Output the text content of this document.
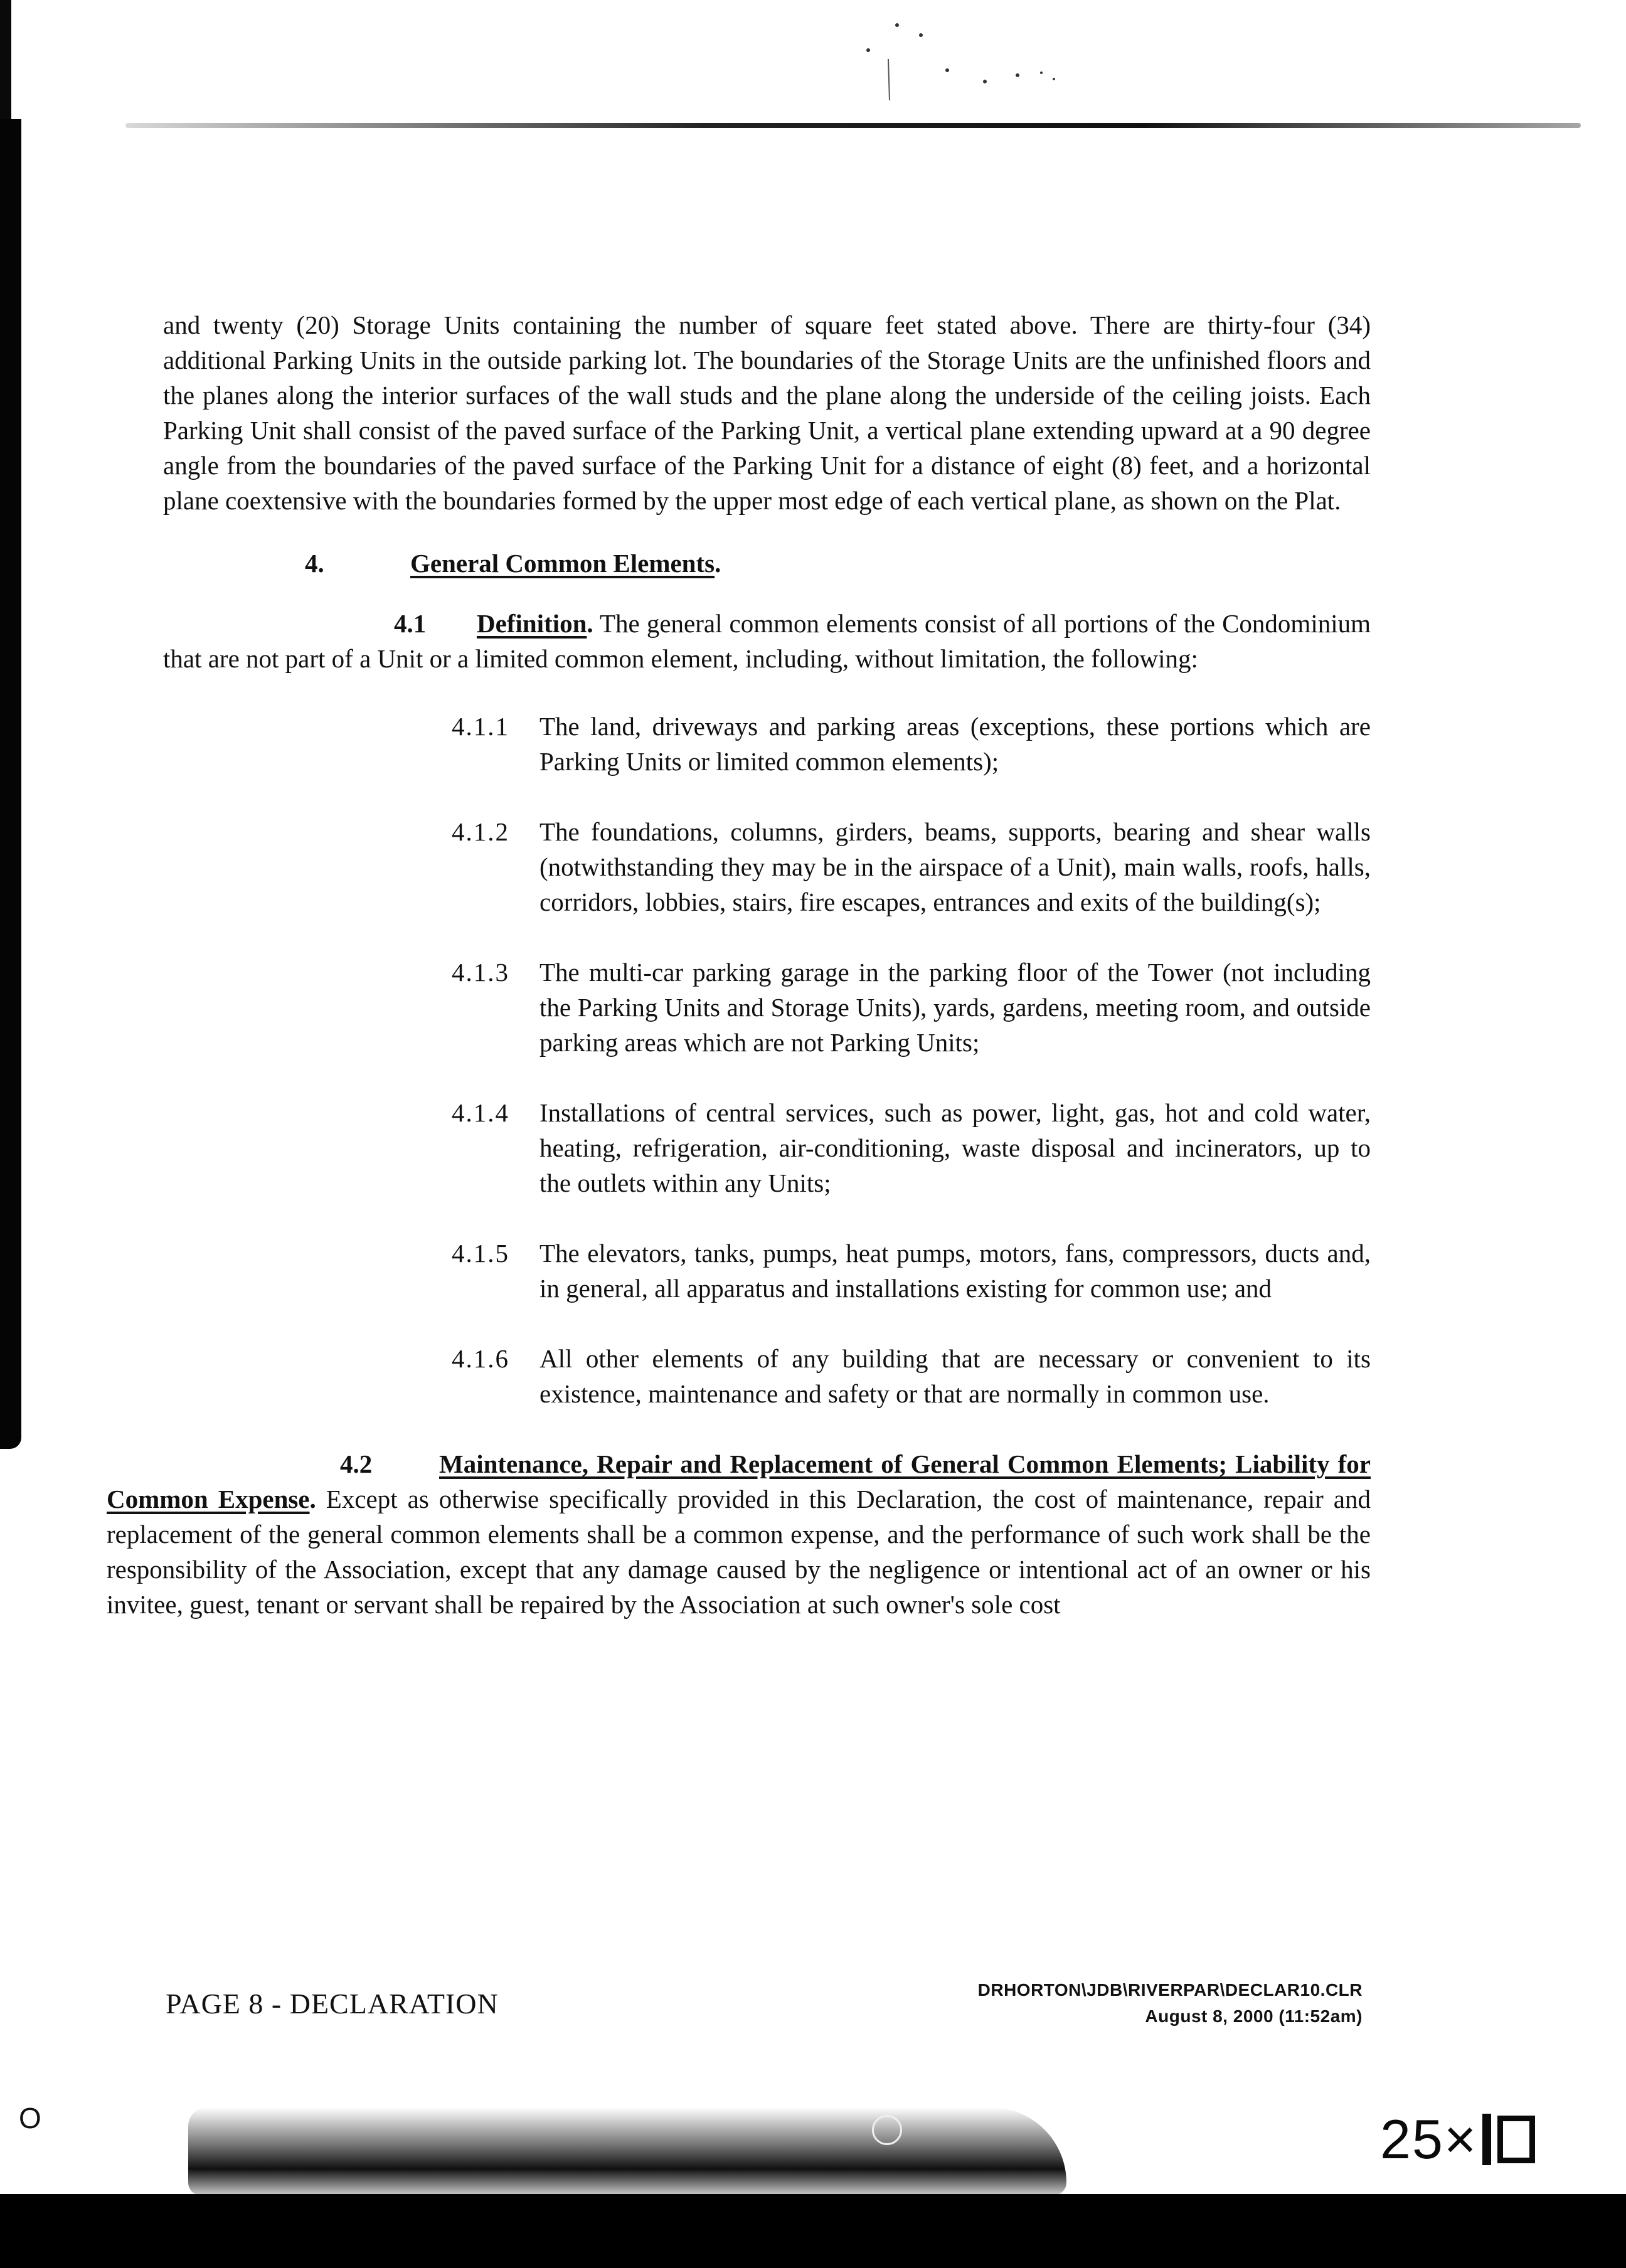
O	25 ×

and twenty (20) Storage Units containing the number of square feet stated above. There are thirty-four (34) additional Parking Units in the outside parking lot. The boundaries of the Storage Units are the unfinished floors and the planes along the interior surfaces of the wall studs and the plane along the underside of the ceiling joists. Each Parking Unit shall consist of the paved surface of the Parking Unit, a vertical plane extending upward at a 90 degree angle from the boundaries of the paved surface of the Parking Unit for a distance of eight (8) feet, and a horizontal plane coextensive with the boundaries formed by the upper most edge of each vertical plane, as shown on the Plat.

4.	General Common Elements.

4.1 Definition. The general common elements consist of all portions of the Condominium that are not part of a Unit or a limited common element, including, without limitation, the following:

4.1.1	The land, driveways and parking areas (exceptions, these portions which are Parking Units or limited common elements);
4.1.2	The foundations, columns, girders, beams, supports, bearing and shear walls (notwithstanding they may be in the airspace of a Unit), main walls, roofs, halls, corridors, lobbies, stairs, fire escapes, entrances and exits of the building(s);
4.1.3	The multi-car parking garage in the parking floor of the Tower (not including the Parking Units and Storage Units), yards, gardens, meeting room, and outside parking areas which are not Parking Units;
4.1.4	Installations of central services, such as power, light, gas, hot and cold water, heating, refrigeration, air-conditioning, waste disposal and incinerators, up to the outlets within any Units;
4.1.5	The elevators, tanks, pumps, heat pumps, motors, fans, compressors, ducts and, in general, all apparatus and installations existing for common use; and
4.1.6	All other elements of any building that are necessary or convenient to its existence, maintenance and safety or that are normally in common use.

4.2	Maintenance, Repair and Replacement of General Common Elements; Liability for Common Expense. Except as otherwise specifically provided in this Declaration, the cost of maintenance, repair and replacement of the general common elements shall be a common expense, and the performance of such work shall be the responsibility of the Association, except that any damage caused by the negligence or intentional act of an owner or his invitee, guest, tenant or servant shall be repaired by the Association at such owner's sole cost

PAGE 8 - DECLARATION	DRHORTON\JDB\RIVERPAR\DECLAR10.CLR
August 8, 2000 (11:52am)
